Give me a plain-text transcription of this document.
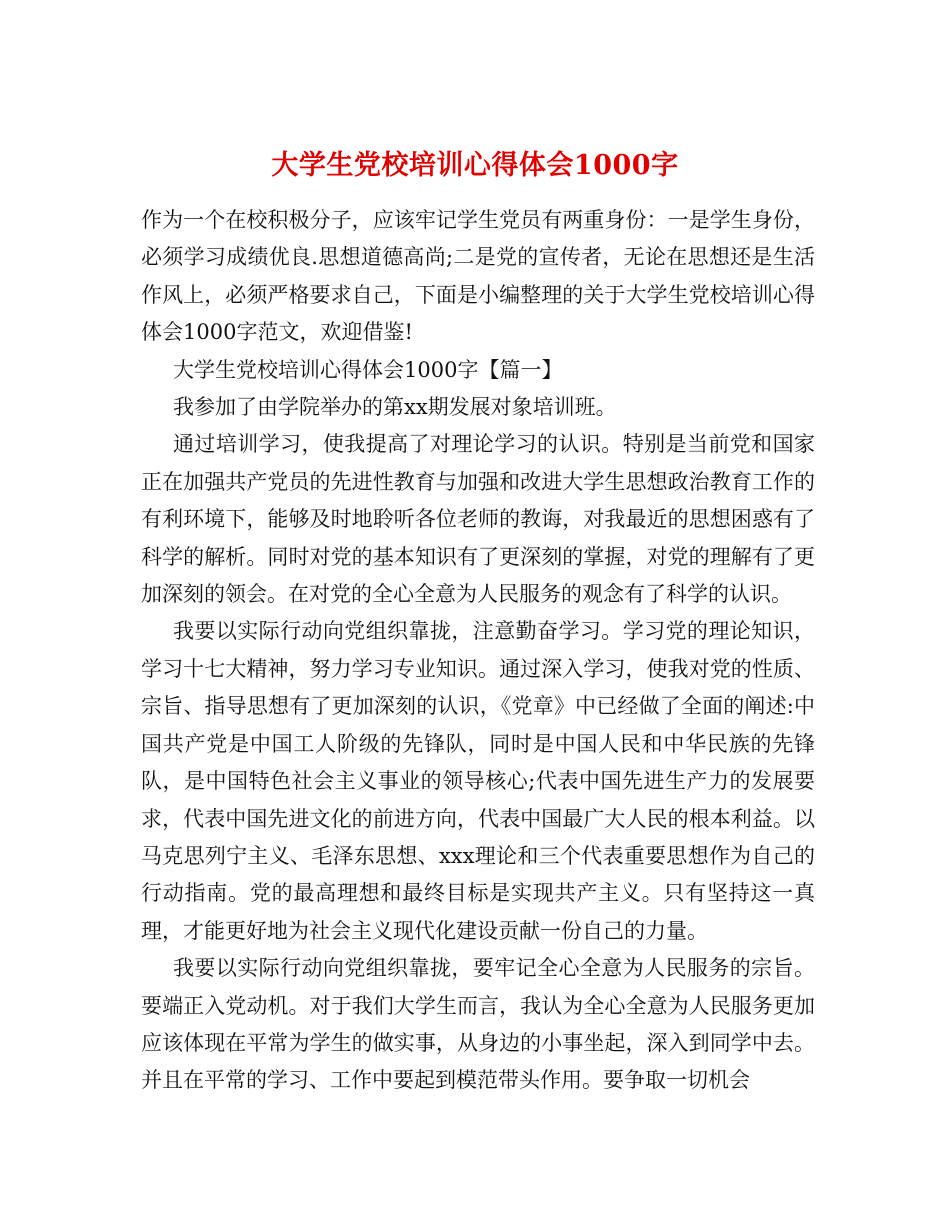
大学生党校培训心得体会1000字

作为一个在校积极分子，应该牢记学生党员有两重身份：一是学生身份，必须学习成绩优良.思想道德高尚;二是党的宣传者，无论在思想还是生活作风上，必须严格要求自己，下面是小编整理的关于大学生党校培训心得体会1000字范文，欢迎借鉴!

大学生党校培训心得体会1000字【篇一】

我参加了由学院举办的第xx期发展对象培训班。

通过培训学习，使我提高了对理论学习的认识。特别是当前党和国家正在加强共产党员的先进性教育与加强和改进大学生思想政治教育工作的有利环境下，能够及时地聆听各位老师的教诲，对我最近的思想困惑有了科学的解析。同时对党的基本知识有了更深刻的掌握，对党的理解有了更加深刻的领会。在对党的全心全意为人民服务的观念有了科学的认识。

我要以实际行动向党组织靠拢，注意勤奋学习。学习党的理论知识，学习十七大精神，努力学习专业知识。通过深入学习，使我对党的性质、宗旨、指导思想有了更加深刻的认识，《党章》中已经做了全面的阐述:中国共产党是中国工人阶级的先锋队，同时是中国人民和中华民族的先锋队，是中国特色社会主义事业的领导核心;代表中国先进生产力的发展要求，代表中国先进文化的前进方向，代表中国最广大人民的根本利益。以马克思列宁主义、毛泽东思想、xxx理论和三个代表重要思想作为自己的行动指南。党的最高理想和最终目标是实现共产主义。只有坚持这一真理，才能更好地为社会主义现代化建设贡献一份自己的力量。

我要以实际行动向党组织靠拢，要牢记全心全意为人民服务的宗旨。要端正入党动机。对于我们大学生而言，我认为全心全意为人民服务更加应该体现在平常为学生的做实事，从身边的小事坐起，深入到同学中去。并且在平常的学习、工作中要起到模范带头作用。要争取一切机会
